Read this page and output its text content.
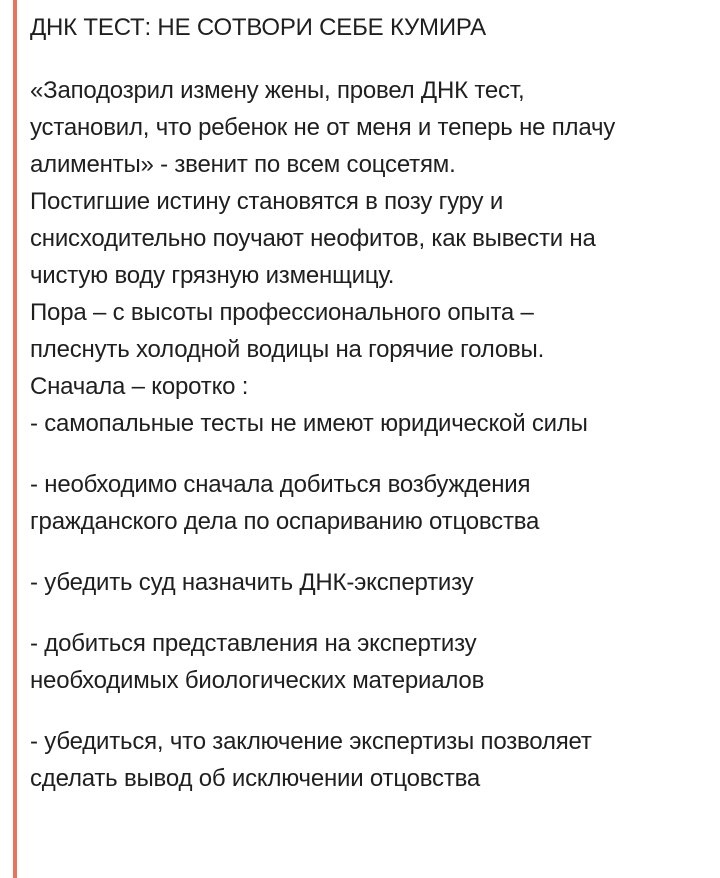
ДНК ТЕСТ: НЕ СОТВОРИ СЕБЕ КУМИРА
«Заподозрил измену жены, провел ДНК тест,
установил, что ребенок не от меня и теперь не плачу
алименты» - звенит по всем соцсетям.
Постигшие истину становятся в позу гуру и
снисходительно поучают неофитов, как вывести на
чистую воду грязную изменщицу.
Пора – с высоты профессионального опыта –
плеснуть холодной водицы на горячие головы.
Сначала – коротко :
- самопальные тесты не имеют юридической силы
- необходимо сначала добиться возбуждения
гражданского дела по оспариванию отцовства
- убедить суд назначить ДНК-экспертизу
- добиться представления на экспертизу
необходимых биологических материалов
- убедиться, что заключение экспертизы позволяет
сделать вывод об исключении отцовства
